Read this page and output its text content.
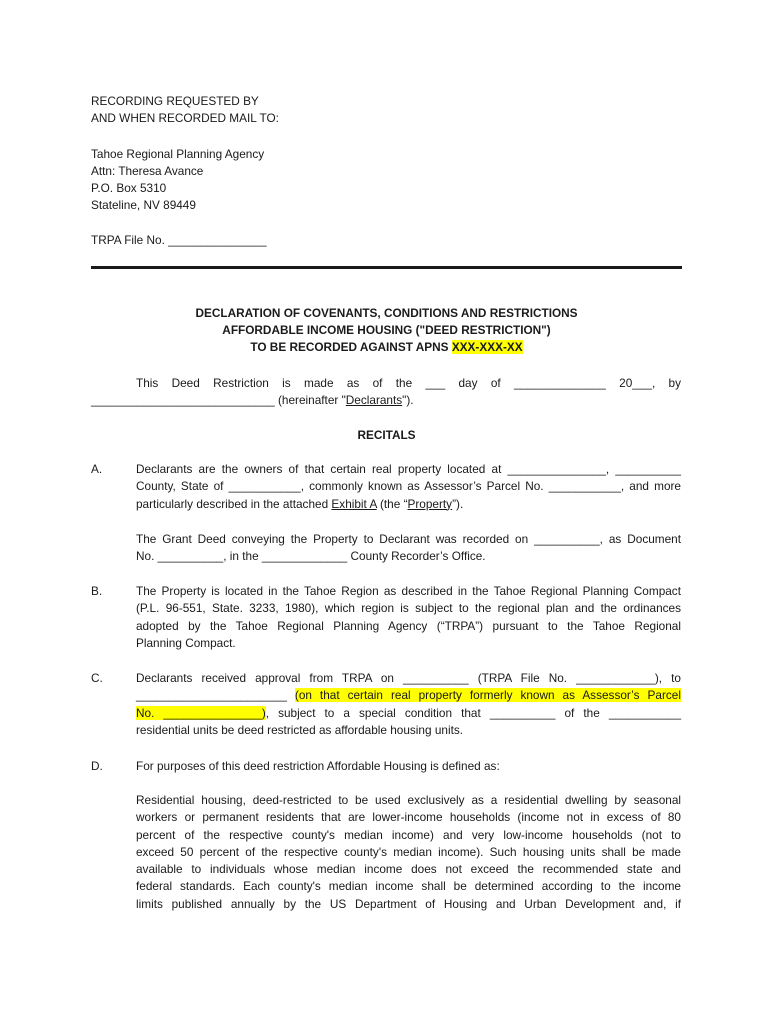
RECORDING REQUESTED BY
AND WHEN RECORDED MAIL TO:
Tahoe Regional Planning Agency
Attn: Theresa Avance
P.O. Box 5310
Stateline, NV 89449
TRPA File No. _______________
DECLARATION OF COVENANTS, CONDITIONS AND RESTRICTIONS
AFFORDABLE INCOME HOUSING ("DEED RESTRICTION")
TO BE RECORDED AGAINST APNS XXX-XXX-XX
This Deed Restriction is made as of the ___ day of ______________ 20___, by
____________________________ (hereinafter "Declarants").
RECITALS
A.	Declarants are the owners of that certain real property located at _______________, __________
County, State of ___________, commonly known as Assessor’s Parcel No. ___________, and more
particularly described in the attached Exhibit A (the “Property”).
The Grant Deed conveying the Property to Declarant was recorded on __________, as Document
No. __________, in the _____________ County Recorder’s Office.
B.	The Property is located in the Tahoe Region as described in the Tahoe Regional Planning Compact
(P.L. 96-551, State. 3233, 1980), which region is subject to the regional plan and the ordinances
adopted by the Tahoe Regional Planning Agency (“TRPA”) pursuant to the Tahoe Regional
Planning Compact.
C.	Declarants received approval from TRPA on __________ (TRPA File No. ____________), to
_______________________ (on that certain real property formerly known as Assessor’s Parcel
No. _______________), subject to a special condition that __________ of the ___________
residential units be deed restricted as affordable housing units.
D.	For purposes of this deed restriction Affordable Housing is defined as:
Residential housing, deed-restricted to be used exclusively as a residential dwelling by seasonal
workers or permanent residents that are lower-income households (income not in excess of 80
percent of the respective county's median income) and very low-income households (not to
exceed 50 percent of the respective county's median income). Such housing units shall be made
available to individuals whose median income does not exceed the recommended state and
federal standards. Each county's median income shall be determined according to the income
limits published annually by the US Department of Housing and Urban Development and, if
